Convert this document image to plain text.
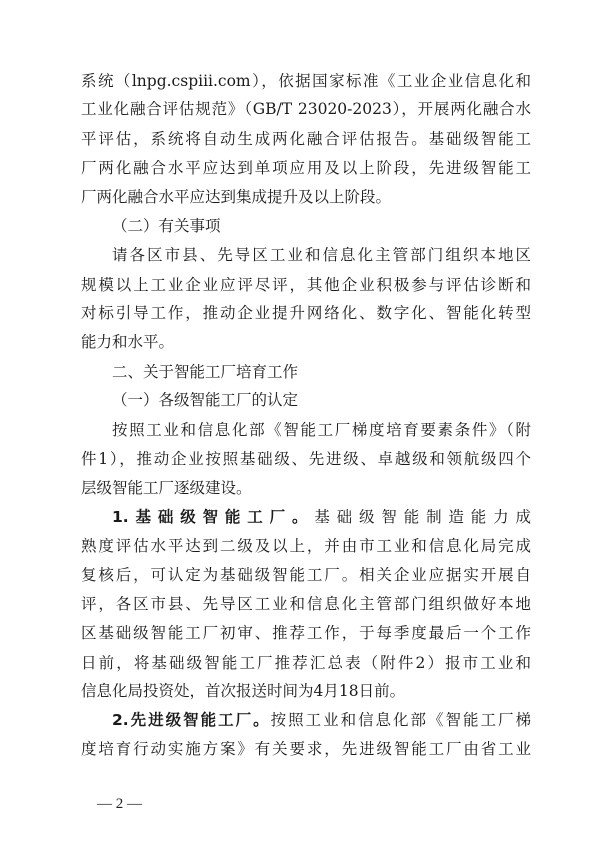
系统（lnpg.cspiii.com），依据国家标准《工业企业信息化和
工业化融合评估规范》（GB/T 23020-2023），开展两化融合水
平评估，系统将自动生成两化融合评估报告。基础级智能工
厂两化融合水平应达到单项应用及以上阶段，先进级智能工
厂两化融合水平应达到集成提升及以上阶段。
（二）有关事项
请各区市县、先导区工业和信息化主管部门组织本地区
规模以上工业企业应评尽评，其他企业积极参与评估诊断和
对标引导工作，推动企业提升网络化、数字化、智能化转型
能力和水平。
二、关于智能工厂培育工作
（一）各级智能工厂的认定
按照工业和信息化部《智能工厂梯度培育要素条件》（附
件1），推动企业按照基础级、先进级、卓越级和领航级四个
层级智能工厂逐级建设。
1.基础级智能工厂。基础级智能制造能力成
熟度评估水平达到二级及以上，并由市工业和信息化局完成
复核后，可认定为基础级智能工厂。相关企业应据实开展自
评，各区市县、先导区工业和信息化主管部门组织做好本地
区基础级智能工厂初审、推荐工作，于每季度最后一个工作
日前，将基础级智能工厂推荐汇总表（附件2）报市工业和
信息化局投资处，首次报送时间为4月18日前。
2.先进级智能工厂。按照工业和信息化部《智能工厂梯
度培育行动实施方案》有关要求，先进级智能工厂由省工业
— 2 —
